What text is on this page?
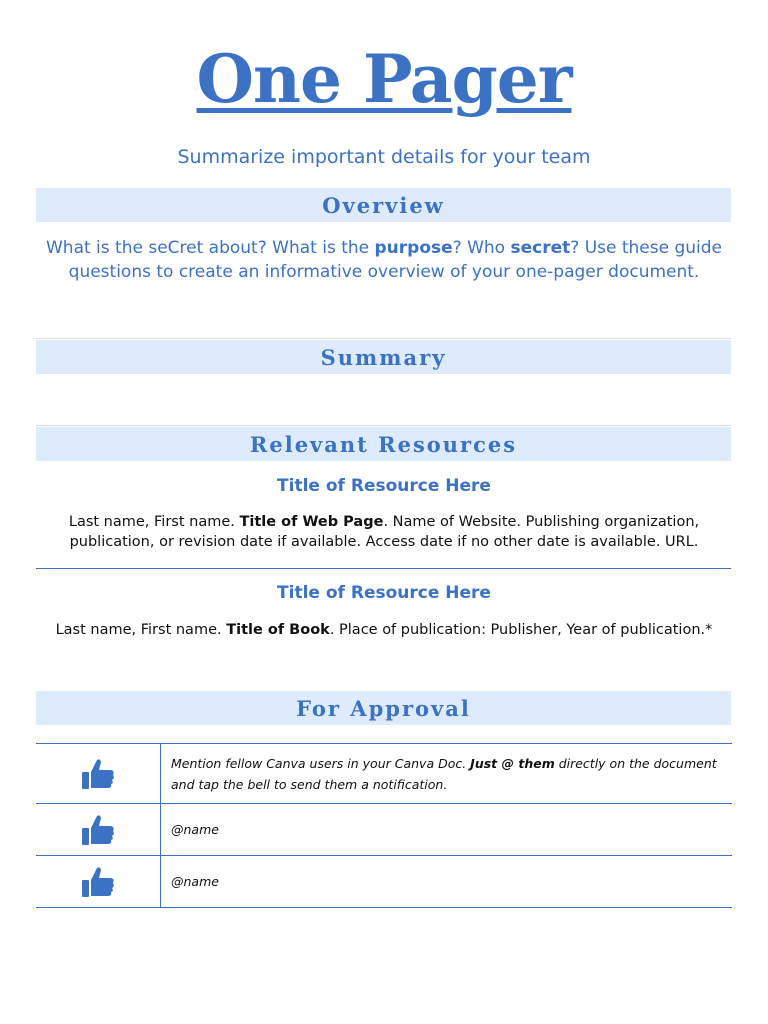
One Pager
Summarize important details for your team
Overview
What is the seCret about? What is the purpose? Who secret? Use these guide questions to create an informative overview of your one-pager document.
Summary
Relevant Resources
Title of Resource Here
Last name, First name. Title of Web Page. Name of Website. Publishing organization, publication, or revision date if available. Access date if no other date is available. URL.
Title of Resource Here
Last name, First name. Title of Book. Place of publication: Publisher, Year of publication.*
For Approval
	Mention fellow Canva users in your Canva Doc. Just @ them directly on the document and tap the bell to send them a notification.
	@name
	@name
